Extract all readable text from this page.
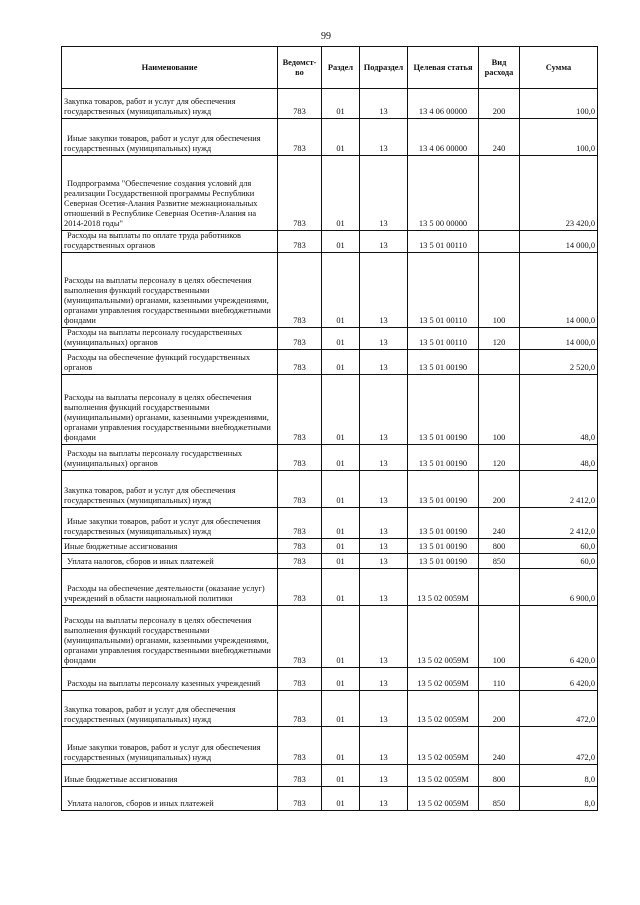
99
Наименование	Ведомст-во	Раздел	Подраздел	Целевая статья	Вид расхода	Сумма
Закупка товаров, работ и услуг для обеспечения государственных (муниципальных) нужд	783	01	13	13 4 06 00000	200	100,0
Иные закупки товаров, работ и услуг для обеспечения государственных (муниципальных) нужд	783	01	13	13 4 06 00000	240	100,0
Подпрограмма "Обеспечение создания условий для реализации Государственной программы Республики Северная Осетия-Алания Развитие межнациональных отношений в Республике Северная Осетия-Алания на 2014-2018 годы"	783	01	13	13 5 00 00000		23 420,0
Расходы на выплаты по оплате труда работников государственных органов	783	01	13	13 5 01 00110		14 000,0
Расходы на выплаты персоналу в целях обеспечения выполнения функций государственными (муниципальными) органами, казенными учреждениями, органами управления государственными внебюджетными фондами	783	01	13	13 5 01 00110	100	14 000,0
Расходы на выплаты персоналу государственных (муниципальных) органов	783	01	13	13 5 01 00110	120	14 000,0
Расходы на обеспечение функций государственных органов	783	01	13	13 5 01 00190		2 520,0
Расходы на выплаты персоналу в целях обеспечения выполнения функций государственными (муниципальными) органами, казенными учреждениями, органами управления государственными внебюджетными фондами	783	01	13	13 5 01 00190	100	48,0
Расходы на выплаты персоналу государственных (муниципальных) органов	783	01	13	13 5 01 00190	120	48,0
Закупка товаров, работ и услуг для обеспечения государственных (муниципальных) нужд	783	01	13	13 5 01 00190	200	2 412,0
Иные закупки товаров, работ и услуг для обеспечения государственных (муниципальных) нужд	783	01	13	13 5 01 00190	240	2 412,0
Иные бюджетные ассигнования	783	01	13	13 5 01 00190	800	60,0
Уплата налогов, сборов и иных платежей	783	01	13	13 5 01 00190	850	60,0
Расходы на обеспечение деятельности (оказание услуг) учреждений в области национальной политики	783	01	13	13 5 02 0059М		6 900,0
Расходы на выплаты персоналу в целях обеспечения выполнения функций государственными (муниципальными) органами, казенными учреждениями, органами управления государственными внебюджетными фондами	783	01	13	13 5 02 0059М	100	6 420,0
Расходы на выплаты персоналу казенных учреждений	783	01	13	13 5 02 0059М	110	6 420,0
Закупка товаров, работ и услуг для обеспечения государственных (муниципальных) нужд	783	01	13	13 5 02 0059М	200	472,0
Иные закупки товаров, работ и услуг для обеспечения государственных (муниципальных) нужд	783	01	13	13 5 02 0059М	240	472,0
Иные бюджетные ассигнования	783	01	13	13 5 02 0059М	800	8,0
Уплата налогов, сборов и иных платежей	783	01	13	13 5 02 0059М	850	8,0
